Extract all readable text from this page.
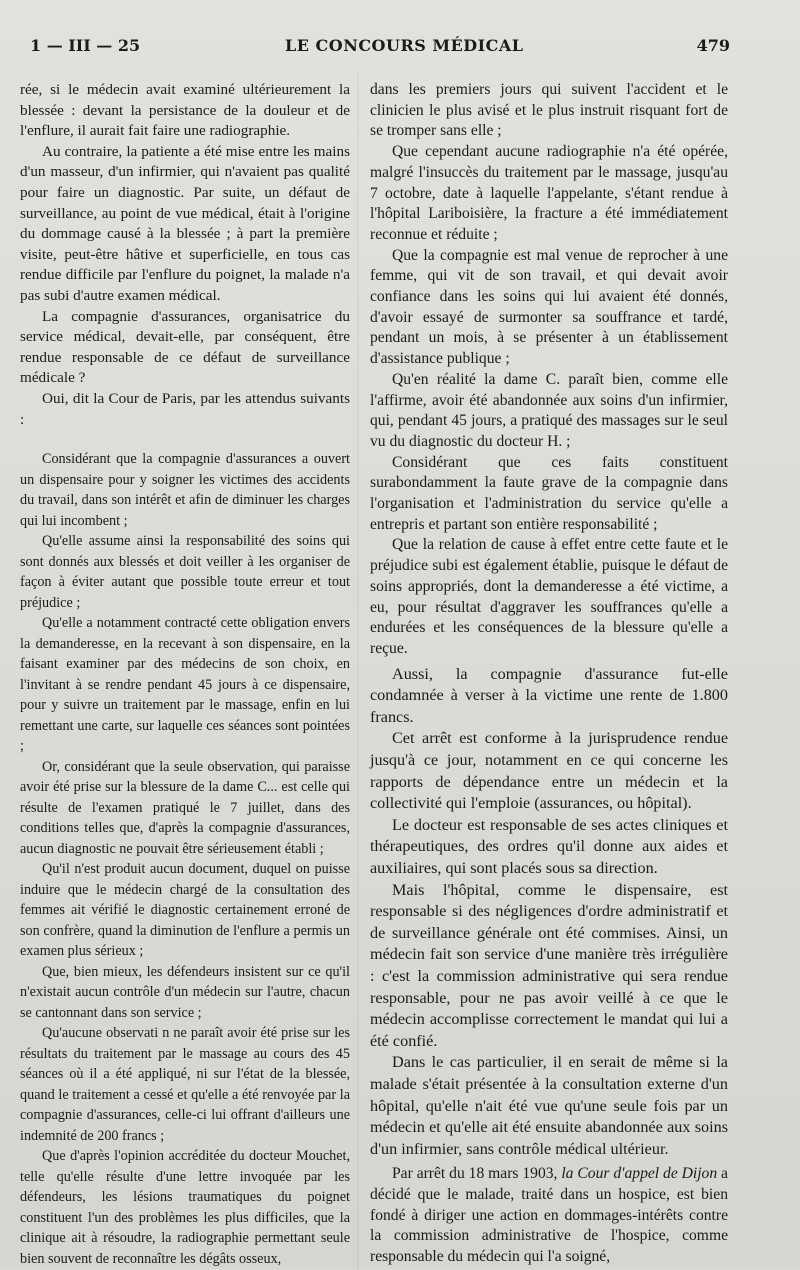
1 — III — 25	LE CONCOURS MÉDICAL	479

rée, si le médecin avait examiné ultérieurement la blessée : devant la persistance de la douleur et de l'enflure, il aurait fait faire une radiographie.

Au contraire, la patiente a été mise entre les mains d'un masseur, d'un infirmier, qui n'avaient pas qualité pour faire un diagnostic. Par suite, un défaut de surveillance, au point de vue médical, était à l'origine du dommage causé à la blessée ; à part la première visite, peut-être hâtive et superficielle, en tous cas rendue difficile par l'enflure du poignet, la malade n'a pas subi d'autre examen médical.

La compagnie d'assurances, organisatrice du service médical, devait-elle, par conséquent, être rendue responsable de ce défaut de surveillance médicale ?

Oui, dit la Cour de Paris, par les attendus suivants :

Considérant que la compagnie d'assurances a ouvert un dispensaire pour y soigner les victimes des accidents du travail, dans son intérêt et afin de diminuer les charges qui lui incombent ;

Qu'elle assume ainsi la responsabilité des soins qui sont donnés aux blessés et doit veiller à les organiser de façon à éviter autant que possible toute erreur et tout préjudice ;

Qu'elle a notamment contracté cette obligation envers la demanderesse, en la recevant à son dispensaire, en la faisant examiner par des médecins de son choix, en l'invitant à se rendre pendant 45 jours à ce dispensaire, pour y suivre un traitement par le massage, enfin en lui remettant une carte, sur laquelle ces séances sont pointées ;

Or, considérant que la seule observation, qui paraisse avoir été prise sur la blessure de la dame C... est celle qui résulte de l'examen pratiqué le 7 juillet, dans des conditions telles que, d'après la compagnie d'assurances, aucun diagnostic ne pouvait être sérieusement établi ;

Qu'il n'est produit aucun document, duquel on puisse induire que le médecin chargé de la consultation des femmes ait vérifié le diagnostic certainement erroné de son confrère, quand la diminution de l'enflure a permis un examen plus sérieux ;

Que, bien mieux, les défendeurs insistent sur ce qu'il n'existait aucun contrôle d'un médecin sur l'autre, chacun se cantonnant dans son service ;

Qu'aucune observati n ne paraît avoir été prise sur les résultats du traitement par le massage au cours des 45 séances où il a été appliqué, ni sur l'état de la blessée, quand le traitement a cessé et qu'elle a été renvoyée par la compagnie d'assurances, celle-ci lui offrant d'ailleurs une indemnité de 200 francs ;

Que d'après l'opinion accréditée du docteur Mouchet, telle qu'elle résulte d'une lettre invoquée par les défendeurs, les lésions traumatiques du poignet constituent l'un des problèmes les plus difficiles, que la clinique ait à résoudre, la radiographie permettant seule bien souvent de reconnaître les dégâts osseux,

dans les premiers jours qui suivent l'accident et le clinicien le plus avisé et le plus instruit risquant fort de se tromper sans elle ;

Que cependant aucune radiographie n'a été opérée, malgré l'insuccès du traitement par le massage, jusqu'au 7 octobre, date à laquelle l'appelante, s'étant rendue à l'hôpital Lariboisière, la fracture a été immédiatement reconnue et réduite ;

Que la compagnie est mal venue de reprocher à une femme, qui vit de son travail, et qui devait avoir confiance dans les soins qui lui avaient été donnés, d'avoir essayé de surmonter sa souffrance et tardé, pendant un mois, à se présenter à un établissement d'assistance publique ;

Qu'en réalité la dame C. paraît bien, comme elle l'affirme, avoir été abandonnée aux soins d'un infirmier, qui, pendant 45 jours, a pratiqué des massages sur le seul vu du diagnostic du docteur H. ;

Considérant que ces faits constituent surabondamment la faute grave de la compagnie dans l'organisation et l'administration du service qu'elle a entrepris et partant son entière responsabilité ;

Que la relation de cause à effet entre cette faute et le préjudice subi est également établie, puisque le défaut de soins appropriés, dont la demanderesse a été victime, a eu, pour résultat d'aggraver les souffrances qu'elle a endurées et les conséquences de la blessure qu'elle a reçue.

Aussi, la compagnie d'assurance fut-elle condamnée à verser à la victime une rente de 1.800 francs.

Cet arrêt est conforme à la jurisprudence rendue jusqu'à ce jour, notamment en ce qui concerne les rapports de dépendance entre un médecin et la collectivité qui l'emploie (assurances, ou hôpital).

Le docteur est responsable de ses actes cliniques et thérapeutiques, des ordres qu'il donne aux aides et auxiliaires, qui sont placés sous sa direction.

Mais l'hôpital, comme le dispensaire, est responsable si des négligences d'ordre administratif et de surveillance générale ont été commises. Ainsi, un médecin fait son service d'une manière très irrégulière : c'est la commission administrative qui sera rendue responsable, pour ne pas avoir veillé à ce que le médecin accomplisse correctement le mandat qui lui a été confié.

Dans le cas particulier, il en serait de même si la malade s'était présentée à la consultation externe d'un hôpital, qu'elle n'ait été vue qu'une seule fois par un médecin et qu'elle ait été ensuite abandonnée aux soins d'un infirmier, sans contrôle médical ultérieur.

Par arrêt du 18 mars 1903, la Cour d'appel de Dijon a décidé que le malade, traité dans un hospice, est bien fondé à diriger une action en dommages-intérêts contre la commission administrative de l'hospice, comme responsable du médecin qui l'a soigné,
